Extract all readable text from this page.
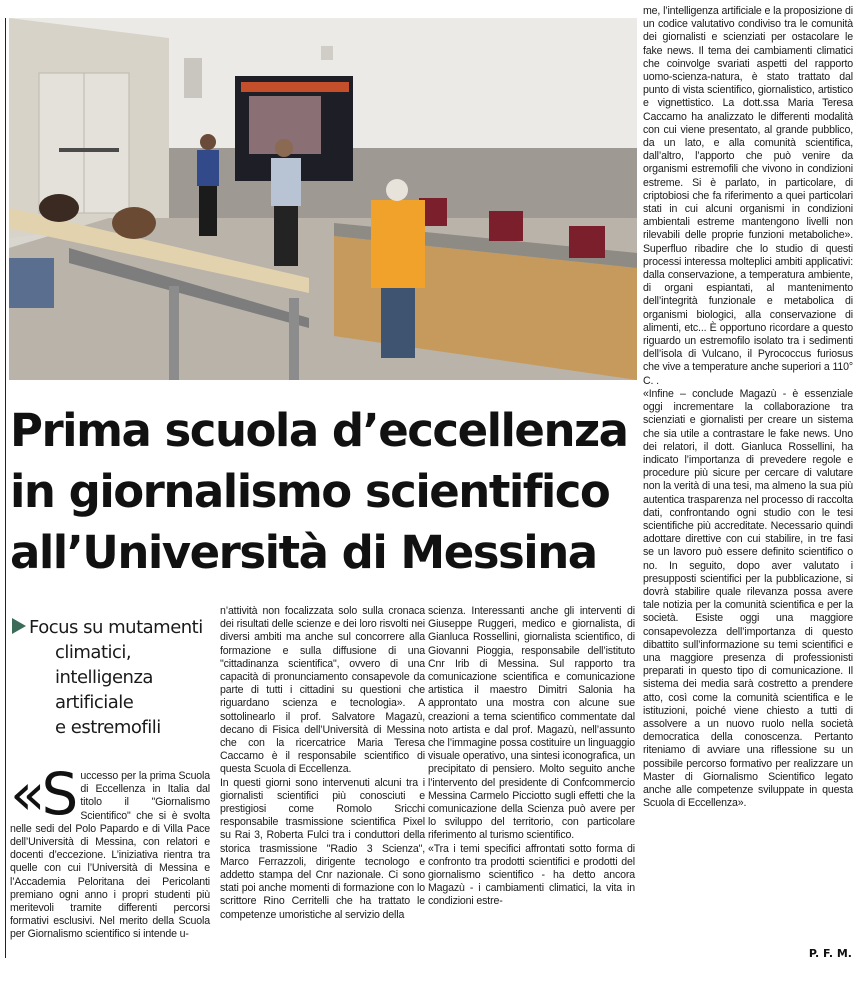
Prima scuola d’eccellenza
in giornalismo scientifico
all’Università di Messina
Focus su mutamenti
climatici,
intelligenza
artificiale
e estremofili

«S uccesso per la prima Scuola di Eccellenza in Italia dal titolo il "Giornalismo Scientifico" che si è svolta nelle sedi del Polo Papardo e di Villa Pace dell’Università di Messina, con relatori e docenti d’eccezione. L’iniziativa rientra tra quelle con cui l’Università di Messina e l’Accademia Peloritana dei Pericolanti premiano ogni anno i propri studenti più meritevoli tramite differenti percorsi formativi esclusivi. Nel merito della Scuola per Giornalismo scientifico si intende u-

n’attività non focalizzata solo sulla cronaca dei risultati delle scienze e dei loro risvolti nei diversi ambiti ma anche sul concorrere alla formazione e sulla diffusione di una "cittadinanza scientifica", ovvero di una capacità di pronunciamento consapevole da parte di tutti i cittadini su questioni che riguardano scienza e tecnologia». A sottolinearlo il prof. Salvatore Magazù, decano di Fisica dell’Università di Messina che con la ricercatrice Maria Teresa Caccamo è il responsabile scientifico di questa Scuola di Eccellenza.

In questi giorni sono intervenuti alcuni tra i giornalisti scientifici più conosciuti e prestigiosi come Romolo Sricchi responsabile trasmissione scientifica Pixel su Rai 3, Roberta Fulci tra i conduttori della storica trasmissione "Radio 3 Scienza", Marco Ferrazzoli, dirigente tecnologo e addetto stampa del Cnr nazionale. Ci sono stati poi anche momenti di formazione con lo scrittore Rino Cerritelli che ha trattato le competenze umoristiche al servizio della

scienza. Interessanti anche gli interventi di Giuseppe Ruggeri, medico e giornalista, di Gianluca Rossellini, giornalista scientifico, di Giovanni Pioggia, responsabile dell’istituto Cnr Irib di Messina. Sul rapporto tra comunicazione scientifica e comunicazione artistica il maestro Dimitri Salonia ha approntato una mostra con alcune sue creazioni a tema scientifico commentate dal noto artista e dal prof. Magazù, nell’assunto che l’immagine possa costituire un linguaggio visuale operativo, una sintesi iconografica, un precipitato di pensiero. Molto seguito anche l’intervento del presidente di Confcommercio Messina Carmelo Picciotto sugli effetti che la comunicazione della Scienza può avere per lo sviluppo del territorio, con particolare riferimento al turismo scientifico.

«Tra i temi specifici affrontati sotto forma di confronto tra prodotti scientifici e prodotti del giornalismo scientifico - ha detto ancora Magazù - i cambiamenti climatici, la vita in condizioni estre-

me, l’intelligenza artificiale e la proposizione di un codice valutativo condiviso tra le comunità dei giornalisti e scienziati per ostacolare le fake news. Il tema dei cambiamenti climatici che coinvolge svariati aspetti del rapporto uomo-scienza-natura, è stato trattato dal punto di vista scientifico, giornalistico, artistico e vignettistico. La dott.ssa Maria Teresa Caccamo ha analizzato le differenti modalità con cui viene presentato, al grande pubblico, da un lato, e alla comunità scientifica, dall’altro, l’apporto che può venire da organismi estremofili che vivono in condizioni estreme. Si è parlato, in particolare, di criptobiosi che fa riferimento a quei particolari stati in cui alcuni organismi in condizioni ambientali estreme mantengono livelli non rilevabili delle proprie funzioni metaboliche». Superfluo ribadire che lo studio di questi processi interessa molteplici ambiti applicativi: dalla conservazione, a temperatura ambiente, di organi espiantati, al mantenimento dell’integrità funzionale e metabolica di organismi biologici, alla conservazione di alimenti, etc... È opportuno ricordare a questo riguardo un estremofilo isolato tra i sedimenti dell’isola di Vulcano, il Pyrococcus furiosus che vive a temperature anche superiori a 110° C. .

«Infine – conclude Magazù - è essenziale oggi incrementare la collaborazione tra scienziati e giornalisti per creare un sistema che sia utile a contrastare le fake news. Uno dei relatori, il dott. Gianluca Rossellini, ha indicato l’importanza di prevedere regole e procedure più sicure per cercare di valutare non la verità di una tesi, ma almeno la sua più autentica trasparenza nel processo di raccolta dati, confrontando ogni studio con le tesi scientifiche più accreditate. Necessario quindi adottare direttive con cui stabilire, in tre fasi se un lavoro può essere definito scientifico o no. In seguito, dopo aver valutato i presupposti scientifici per la pubblicazione, si dovrà stabilire quale rilevanza possa avere tale notizia per la comunità scientifica e per la società. Esiste oggi una maggiore consapevolezza dell’importanza di questo dibattito sull’informazione su temi scientifici e una maggiore presenza di professionisti preparati in questo tipo di comunicazione. Il sistema dei media sarà costretto a prendere atto, così come la comunità scientifica e le istituzioni, poiché viene chiesto a tutti di assolvere a un nuovo ruolo nella società democratica della conoscenza. Pertanto riteniamo di avviare una riflessione su un possibile percorso formativo per realizzare un Master di Giornalismo Scientifico legato anche alle competenze sviluppate in questa Scuola di Eccellenza».

P. F. M.
